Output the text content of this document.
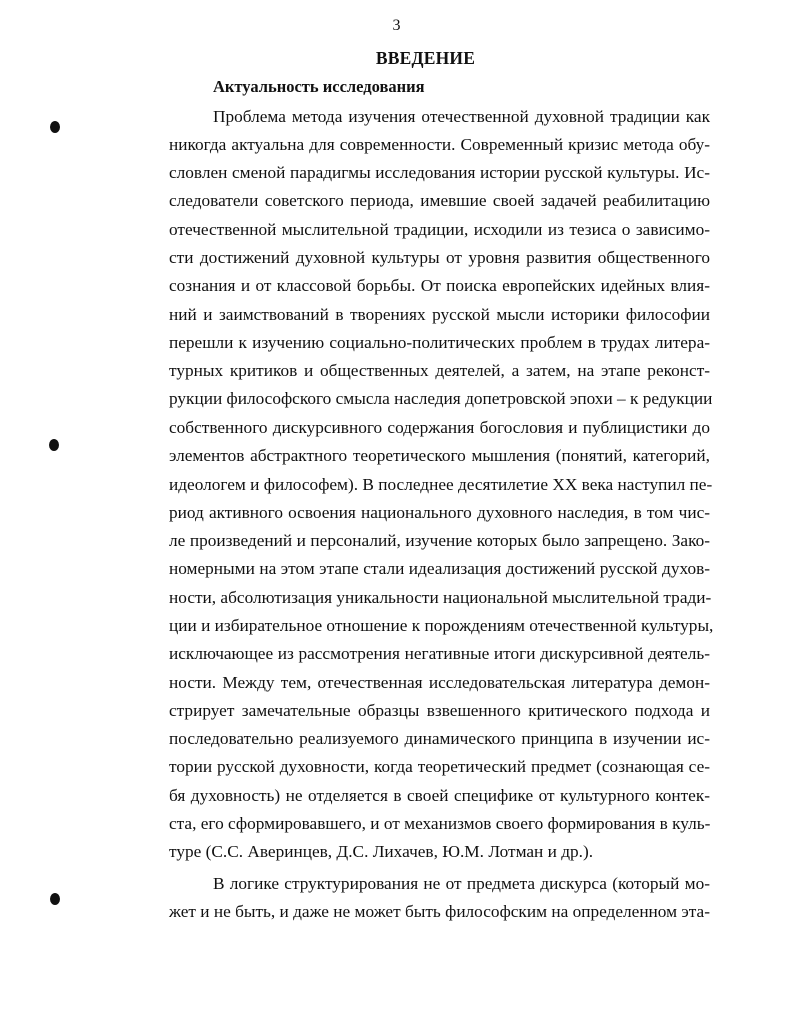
3
ВВЕДЕНИЕ
Актуальность исследования
Проблема метода изучения отечественной духовной традиции как
никогда актуальна для современности. Современный кризис метода обу-
словлен сменой парадигмы исследования истории русской культуры. Ис-
следователи советского периода, имевшие своей задачей реабилитацию
отечественной мыслительной традиции, исходили из тезиса о зависимо-
сти достижений духовной культуры от уровня развития общественного
сознания и от классовой борьбы. От поиска европейских идейных влия-
ний и заимствований в творениях русской мысли историки философии
перешли к изучению социально-политических проблем в трудах литера-
турных критиков и общественных деятелей, а затем, на этапе реконст-
рукции философского смысла наследия допетровской эпохи – к редукции
собственного дискурсивного содержания богословия и публицистики до
элементов абстрактного теоретического мышления (понятий, категорий,
идеологем и философем). В последнее десятилетие XX века наступил пе-
риод активного освоения национального духовного наследия, в том чис-
ле произведений и персоналий, изучение которых было запрещено. Зако-
номерными на этом этапе стали идеализация достижений русской духов-
ности, абсолютизация уникальности национальной мыслительной тради-
ции и избирательное отношение к порождениям отечественной культуры,
исключающее из рассмотрения негативные итоги дискурсивной деятель-
ности. Между тем, отечественная исследовательская литература демон-
стрирует замечательные образцы взвешенного критического подхода и
последовательно реализуемого динамического принципа в изучении ис-
тории русской духовности, когда теоретический предмет (сознающая се-
бя духовность) не отделяется в своей специфике от культурного контек-
ста, его сформировавшего, и от механизмов своего формирования в куль-
туре (С.С. Аверинцев, Д.С. Лихачев, Ю.М. Лотман и др.).
В логике структурирования не от предмета дискурса (который мо-
жет и не быть, и даже не может быть философским на определенном эта-
